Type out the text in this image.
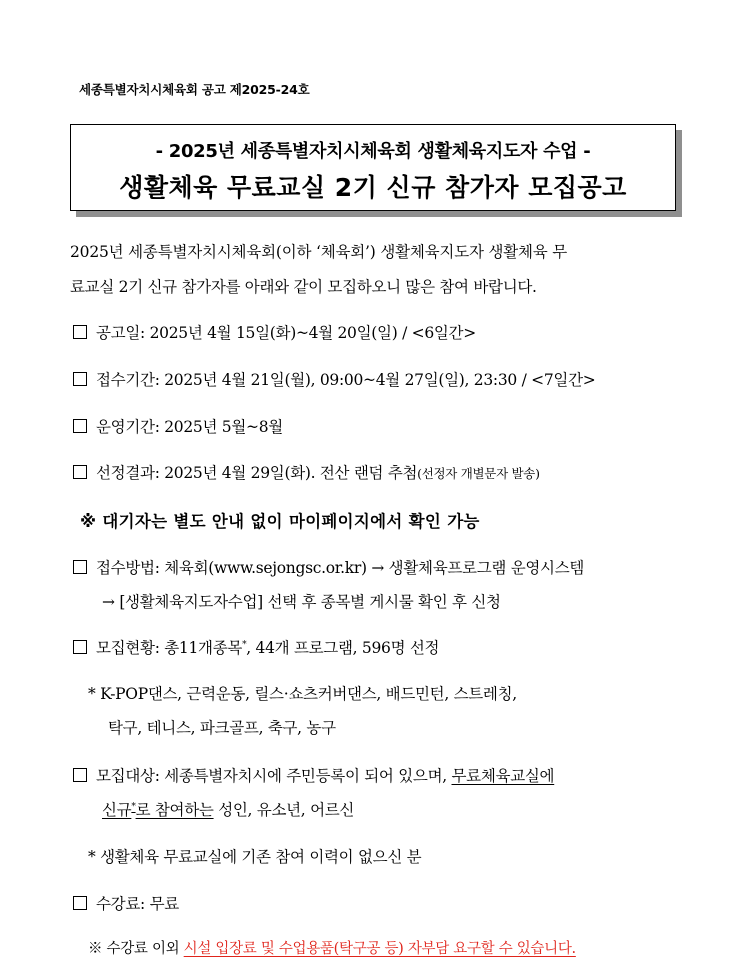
세종특별자치시체육회 공고 제2025-24호
- 2025년 세종특별자치시체육회 생활체육지도자 수업 -
생활체육 무료교실 2기 신규 참가자 모집공고
2025년 세종특별자치시체육회(이하 ‘체육회’) 생활체육지도자 생활체육 무
료교실 2기 신규 참가자를 아래와 같이 모집하오니 많은 참여 바랍니다.
공고일: 2025년 4월 15일(화)~4월 20일(일) / <6일간>
접수기간: 2025년 4월 21일(월), 09:00~4월 27일(일), 23:30 / <7일간>
운영기간: 2025년 5월~8월
선정결과: 2025년 4월 29일(화). 전산 랜덤 추첨(선정자 개별문자 발송)
※ 대기자는 별도 안내 없이 마이페이지에서 확인 가능
접수방법: 체육회(www.sejongsc.or.kr) → 생활체육프로그램 운영시스템
→ [생활체육지도자수업] 선택 후 종목별 게시물 확인 후 신청
모집현황: 총11개종목*, 44개 프로그램, 596명 선정
* K-POP댄스, 근력운동, 릴스·쇼츠커버댄스, 배드민턴, 스트레칭,
탁구, 테니스, 파크골프, 축구, 농구
모집대상: 세종특별자치시에 주민등록이 되어 있으며, 무료체육교실에
신규*로 참여하는 성인, 유소년, 어르신
* 생활체육 무료교실에 기존 참여 이력이 없으신 분
수강료: 무료
※ 수강료 이외 시설 입장료 및 수업용품(탁구공 등) 자부담 요구할 수 있습니다.
